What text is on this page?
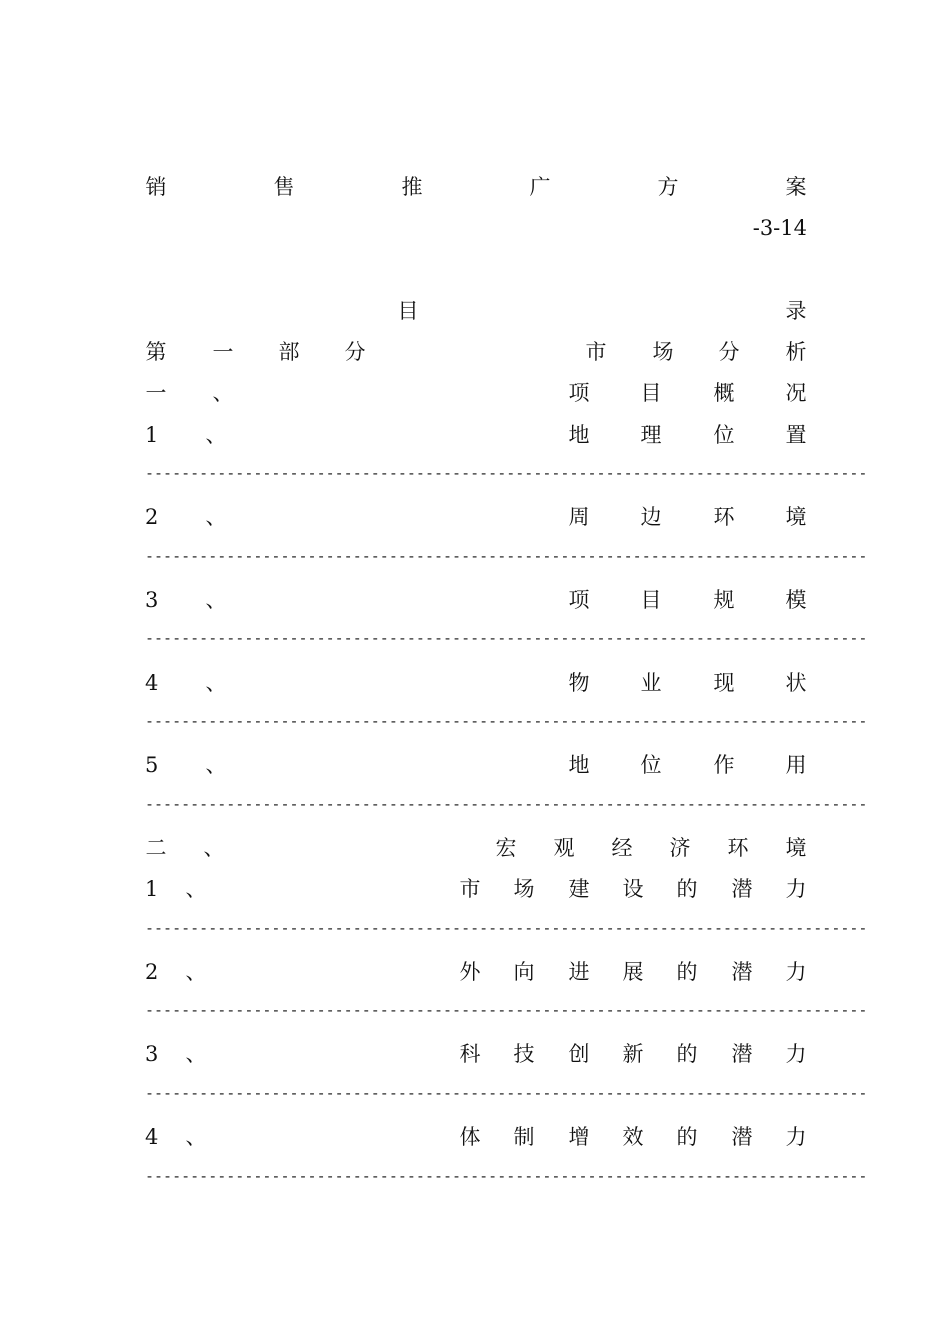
销	售	推	广	方	案
-3-14
目	录
第 一 部 分	市 场 分 析
一 、	项 目 概 况
1 、	地 理 位 置
--------------------------------------------------------------------------------
2 、	周 边 环 境
--------------------------------------------------------------------------------
3 、	项 目 规 模
--------------------------------------------------------------------------------
4 、	物 业 现 状
--------------------------------------------------------------------------------
5 、	地 位 作 用
--------------------------------------------------------------------------------
二 、	宏 观 经 济 环 境
1 、	市 场 建 设 的 潜 力
--------------------------------------------------------------------------------
2 、	外 向 进 展 的 潜 力
--------------------------------------------------------------------------------
3 、	科 技 创 新 的 潜 力
--------------------------------------------------------------------------------
4 、	体 制 增 效 的 潜 力
--------------------------------------------------------------------------------
